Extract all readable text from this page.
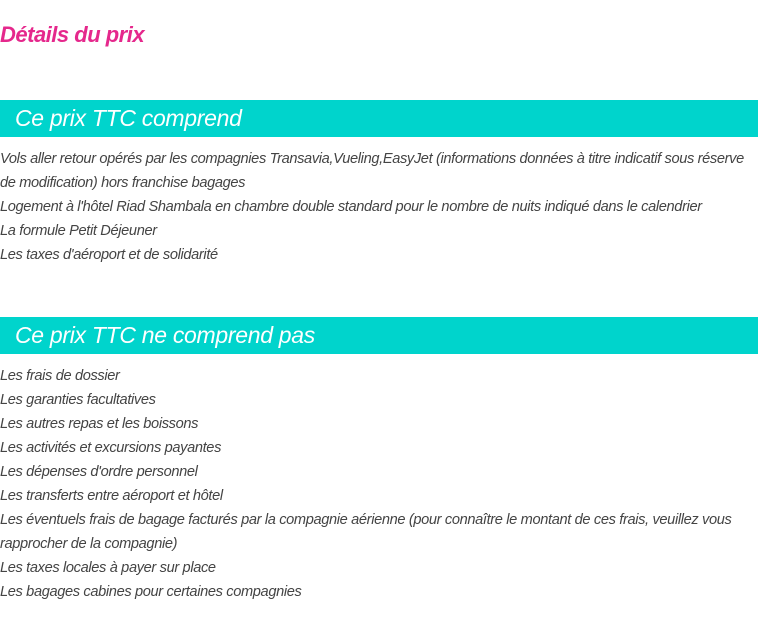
Détails du prix
Ce prix TTC comprend
Vols aller retour opérés par les compagnies Transavia,Vueling,EasyJet (informations données à titre indicatif sous réserve de modification) hors franchise bagages
Logement à l'hôtel Riad Shambala en chambre double standard pour le nombre de nuits indiqué dans le calendrier
La formule Petit Déjeuner
Les taxes d'aéroport et de solidarité
Ce prix TTC ne comprend pas
Les frais de dossier
Les garanties facultatives
Les autres repas et les boissons
Les activités et excursions payantes
Les dépenses d'ordre personnel
Les transferts entre aéroport et hôtel
Les éventuels frais de bagage facturés par la compagnie aérienne (pour connaître le montant de ces frais, veuillez vous rapprocher de la compagnie)
Les taxes locales à payer sur place
Les bagages cabines pour certaines compagnies
